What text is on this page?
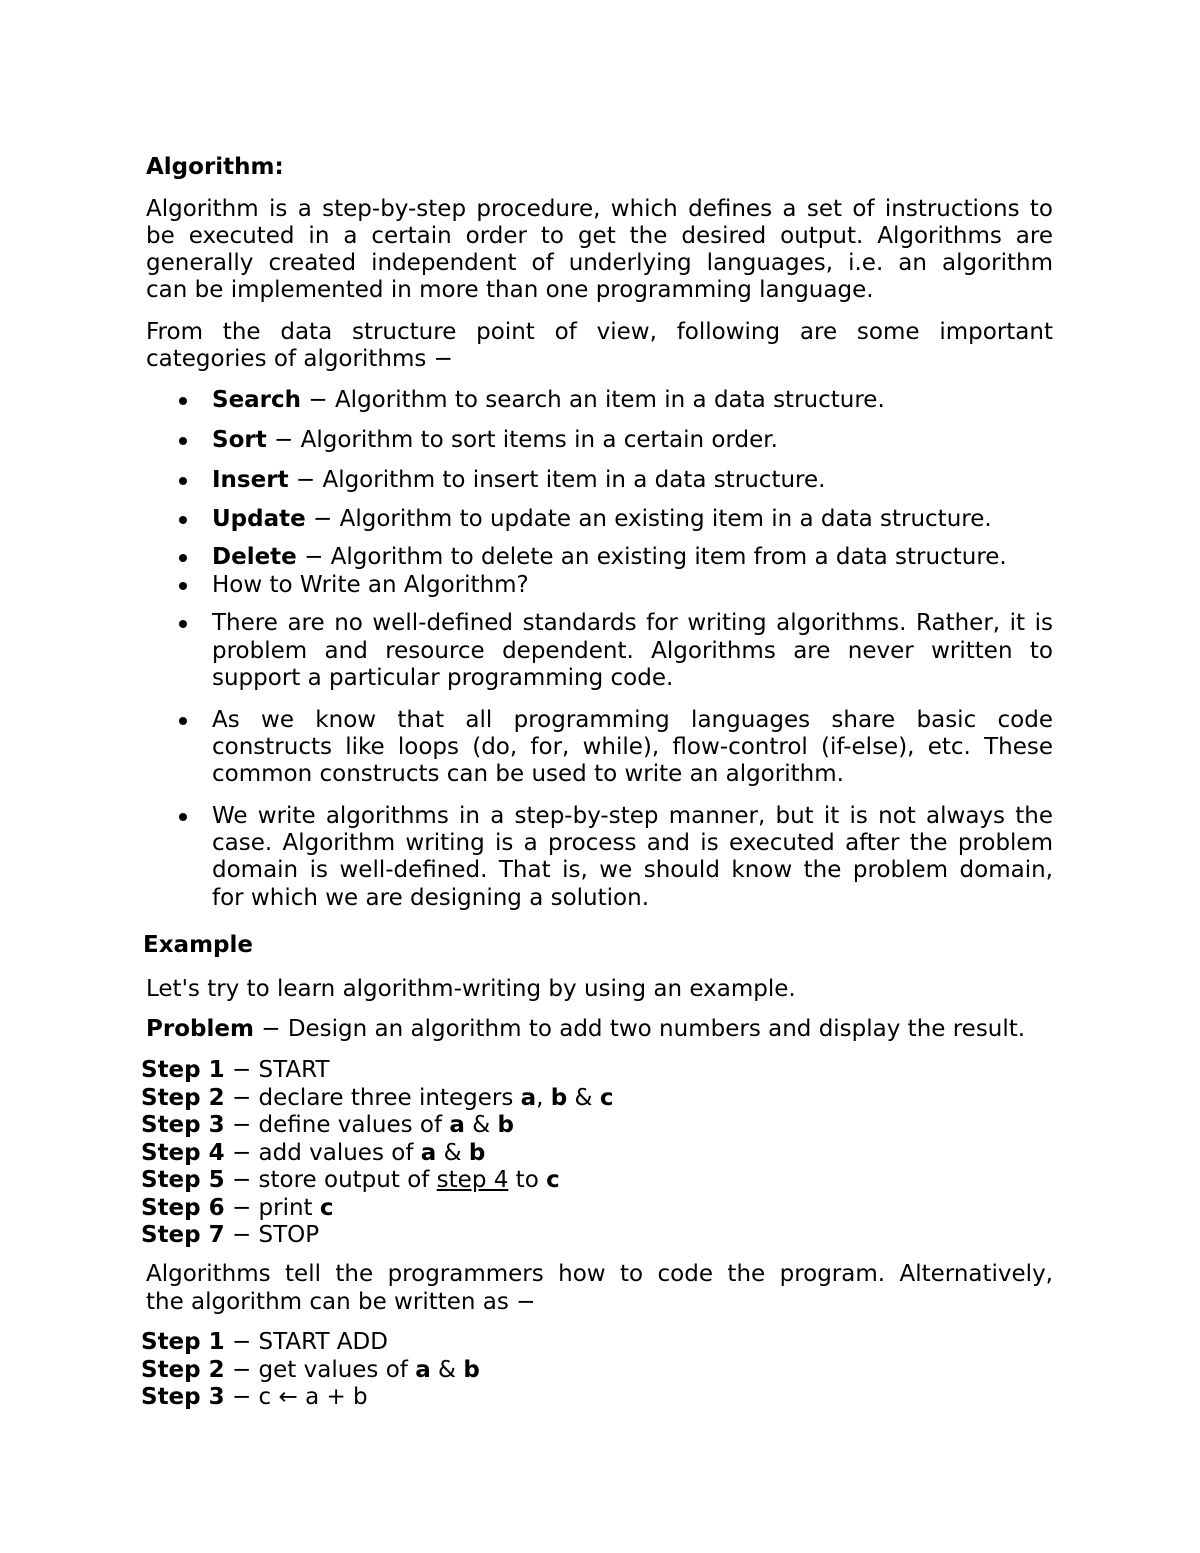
Algorithm:
Algorithm is a step-by-step procedure, which defines a set of instructions to
be executed in a certain order to get the desired output. Algorithms are
generally created independent of underlying languages, i.e. an algorithm
can be implemented in more than one programming language.
From the data structure point of view, following are some important
categories of algorithms −
Search − Algorithm to search an item in a data structure.
Sort − Algorithm to sort items in a certain order.
Insert − Algorithm to insert item in a data structure.
Update − Algorithm to update an existing item in a data structure.
Delete − Algorithm to delete an existing item from a data structure.
How to Write an Algorithm?
There are no well-defined standards for writing algorithms. Rather, it is
problem and resource dependent. Algorithms are never written to
support a particular programming code.
As we know that all programming languages share basic code
constructs like loops (do, for, while), flow-control (if-else), etc. These
common constructs can be used to write an algorithm.
We write algorithms in a step-by-step manner, but it is not always the
case. Algorithm writing is a process and is executed after the problem
domain is well-defined. That is, we should know the problem domain,
for which we are designing a solution.
Example
Let's try to learn algorithm-writing by using an example.
Problem − Design an algorithm to add two numbers and display the result.
Step 1 − START
Step 2 − declare three integers a, b & c
Step 3 − define values of a & b
Step 4 − add values of a & b
Step 5 − store output of step 4 to c
Step 6 − print c
Step 7 − STOP
Algorithms tell the programmers how to code the program. Alternatively,
the algorithm can be written as −
Step 1 − START ADD
Step 2 − get values of a & b
Step 3 − c ← a + b
